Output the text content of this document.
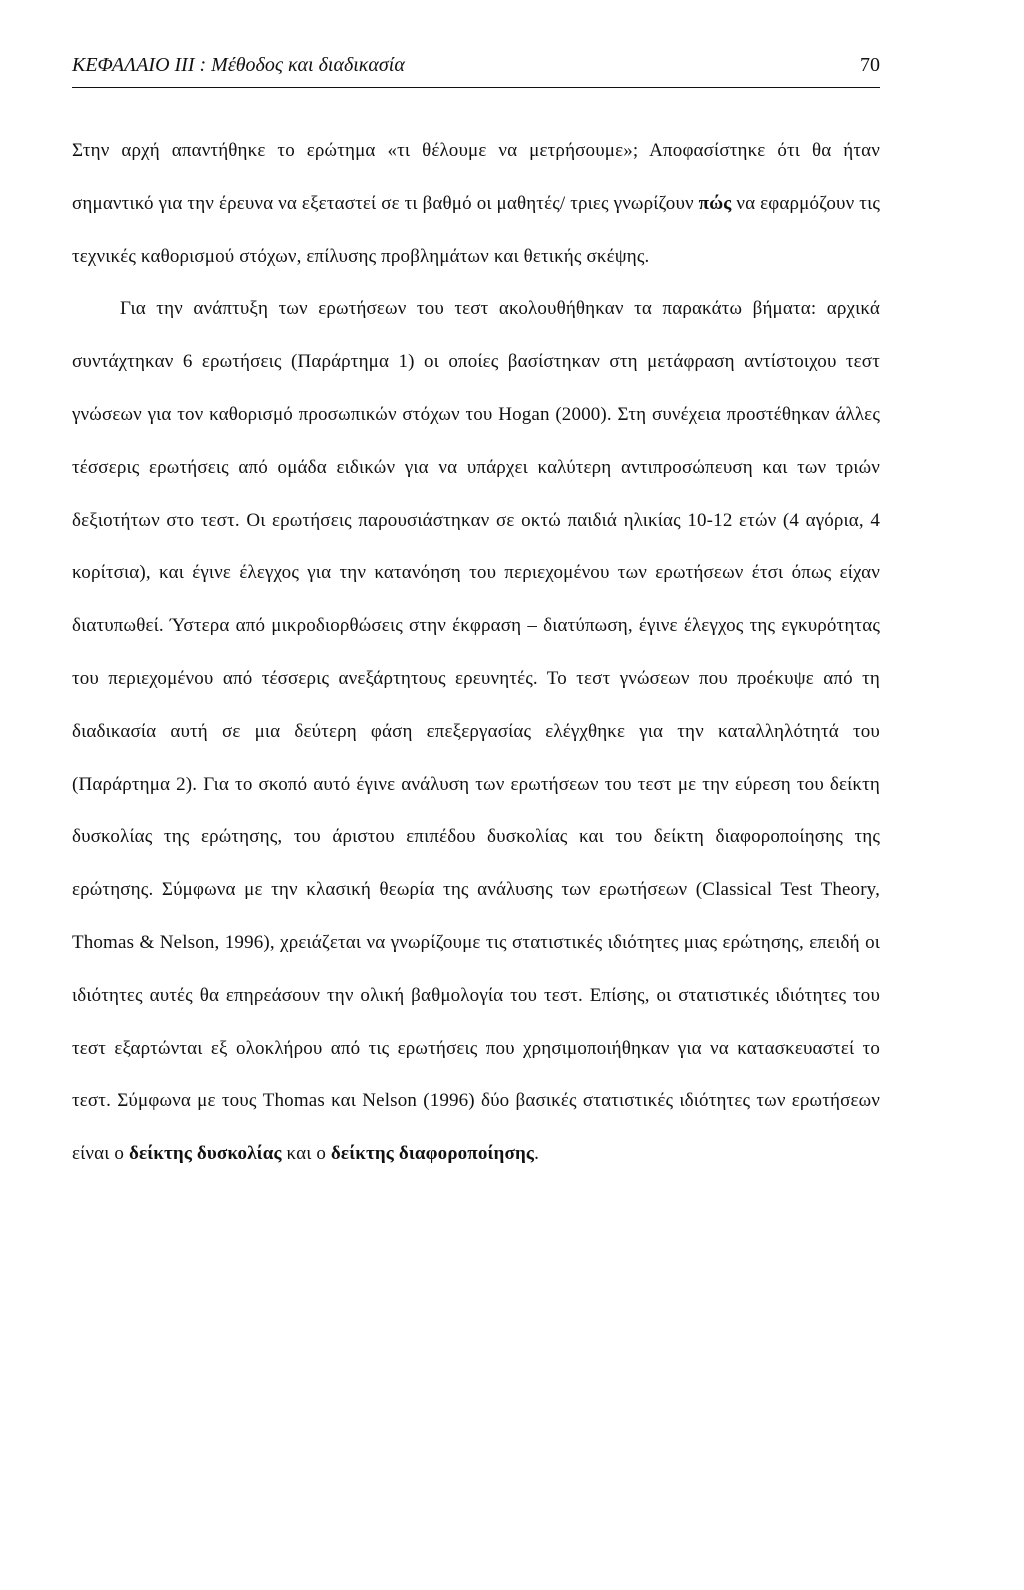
ΚΕΦΑΛΑΙΟ III : Μέθοδος και διαδικασία	70

Στην αρχή απαντήθηκε το ερώτημα «τι θέλουμε να μετρήσουμε»; Αποφασίστηκε ότι θα ήταν σημαντικό για την έρευνα να εξεταστεί σε τι βαθμό οι μαθητές/ τριες γνωρίζουν πώς να εφαρμόζουν τις τεχνικές καθορισμού στόχων, επίλυσης προβλημάτων και θετικής σκέψης.

Για την ανάπτυξη των ερωτήσεων του τεστ ακολουθήθηκαν τα παρακάτω βήματα: αρχικά συντάχτηκαν 6 ερωτήσεις (Παράρτημα 1) οι οποίες βασίστηκαν στη μετάφραση αντίστοιχου τεστ γνώσεων για τον καθορισμό προσωπικών στόχων του Hogan (2000). Στη συνέχεια προστέθηκαν άλλες τέσσερις ερωτήσεις από ομάδα ειδικών για να υπάρχει καλύτερη αντιπροσώπευση και των τριών δεξιοτήτων στο τεστ. Οι ερωτήσεις παρουσιάστηκαν σε οκτώ παιδιά ηλικίας 10-12 ετών (4 αγόρια, 4 κορίτσια), και έγινε έλεγχος για την κατανόηση του περιεχομένου των ερωτήσεων έτσι όπως είχαν διατυπωθεί. Ύστερα από μικροδιορθώσεις στην έκφραση – διατύπωση, έγινε έλεγχος της εγκυρότητας του περιεχομένου από τέσσερις ανεξάρτητους ερευνητές. Το τεστ γνώσεων που προέκυψε από τη διαδικασία αυτή σε μια δεύτερη φάση επεξεργασίας ελέγχθηκε για την καταλληλότητά του (Παράρτημα 2). Για το σκοπό αυτό έγινε ανάλυση των ερωτήσεων του τεστ με την εύρεση του δείκτη δυσκολίας της ερώτησης, του άριστου επιπέδου δυσκολίας και του δείκτη διαφοροποίησης της ερώτησης. Σύμφωνα με την κλασική θεωρία της ανάλυσης των ερωτήσεων (Classical Test Theory, Thomas & Nelson, 1996), χρειάζεται να γνωρίζουμε τις στατιστικές ιδιότητες μιας ερώτησης, επειδή οι ιδιότητες αυτές θα επηρεάσουν την ολική βαθμολογία του τεστ. Επίσης, οι στατιστικές ιδιότητες του τεστ εξαρτώνται εξ ολοκλήρου από τις ερωτήσεις που χρησιμοποιήθηκαν για να κατασκευαστεί το τεστ. Σύμφωνα με τους Thomas και Nelson (1996) δύο βασικές στατιστικές ιδιότητες των ερωτήσεων είναι ο δείκτης δυσκολίας και ο δείκτης διαφοροποίησης.
